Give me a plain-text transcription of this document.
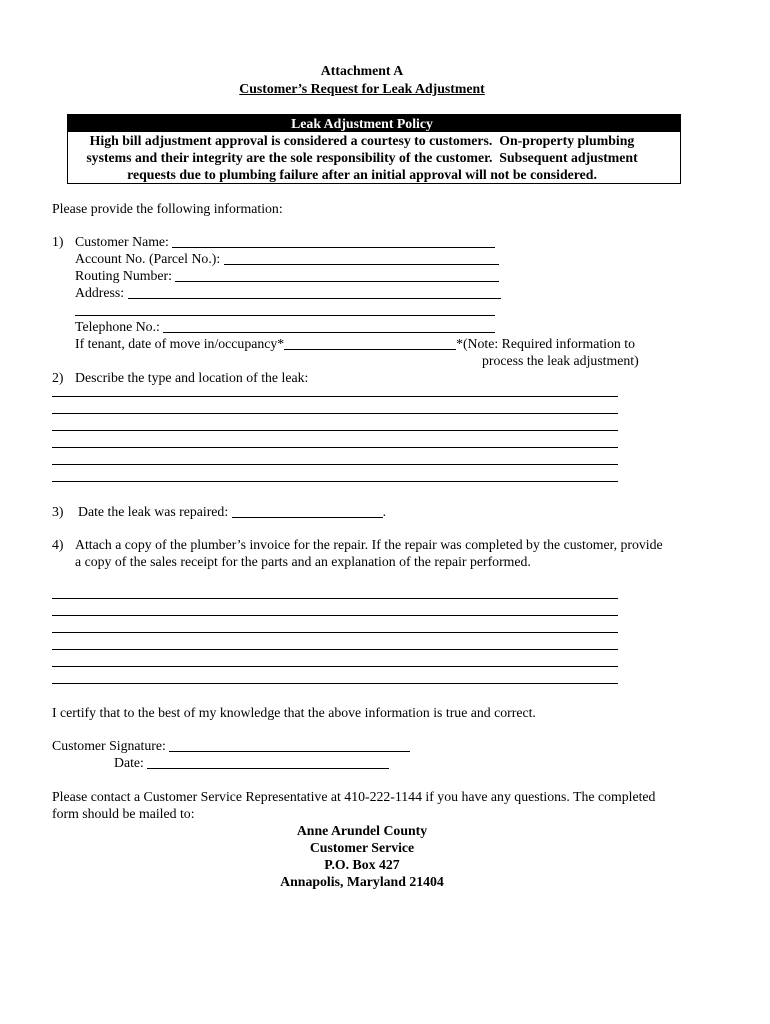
Attachment A
Customer’s Request for Leak Adjustment
Leak Adjustment Policy
High bill adjustment approval is considered a courtesy to customers.  On-property plumbing
systems and their integrity are the sole responsibility of the customer.  Subsequent adjustment
requests due to plumbing failure after an initial approval will not be considered.
Please provide the following information:
1) Customer Name:
Account No. (Parcel No.):
Routing Number:
Address:
Telephone No.:
If tenant, date of move in/occupancy*	*(Note: Required information to
process the leak adjustment)
2) Describe the type and location of the leak:
3) Date the leak was repaired:	.
4) Attach a copy of the plumber’s invoice for the repair. If the repair was completed by the customer, provide
a copy of the sales receipt for the parts and an explanation of the repair performed.
I certify that to the best of my knowledge that the above information is true and correct.
Customer Signature:
Date:
Please contact a Customer Service Representative at 410-222-1144 if you have any questions. The completed
form should be mailed to:
Anne Arundel County
Customer Service
P.O. Box 427
Annapolis, Maryland 21404
